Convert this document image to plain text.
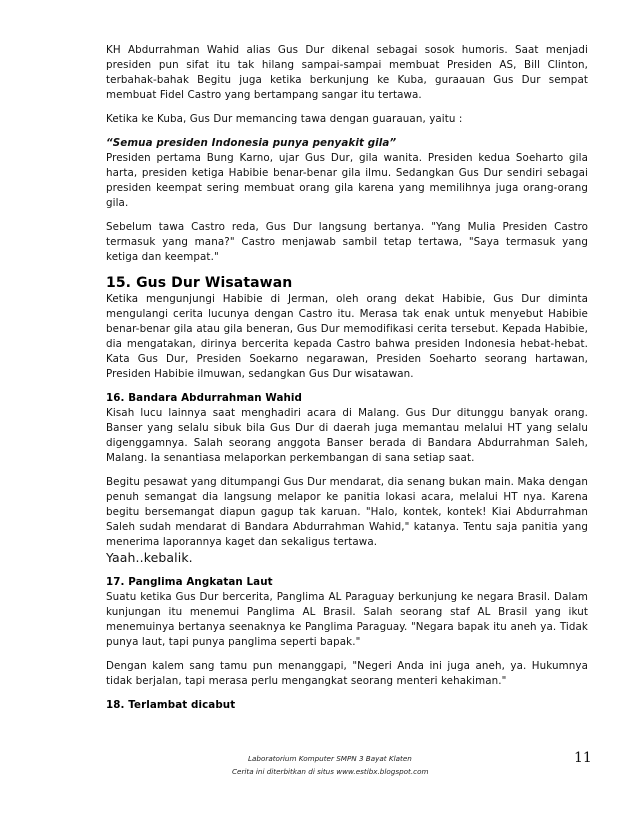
KH Abdurrahman Wahid alias Gus Dur dikenal sebagai sosok humoris. Saat menjadi presiden pun sifat itu tak hilang sampai-sampai membuat Presiden AS, Bill Clinton, terbahak-bahak Begitu juga ketika berkunjung ke Kuba, guraauan Gus Dur sempat membuat Fidel Castro yang bertampang sangar itu tertawa.

Ketika ke Kuba, Gus Dur memancing tawa dengan guarauan, yaitu :

“Semua presiden Indonesia punya penyakit gila”

Presiden pertama Bung Karno, ujar Gus Dur, gila wanita. Presiden kedua Soeharto gila harta, presiden ketiga Habibie benar-benar gila ilmu. Sedangkan Gus Dur sendiri sebagai presiden keempat sering membuat orang gila karena yang memilihnya juga orang-orang gila.

Sebelum tawa Castro reda, Gus Dur langsung bertanya. "Yang Mulia Presiden Castro termasuk yang mana?" Castro menjawab sambil tetap tertawa, "Saya termasuk yang ketiga dan keempat."

15. Gus Dur Wisatawan

Ketika mengunjungi Habibie di Jerman, oleh orang dekat Habibie, Gus Dur diminta mengulangi cerita lucunya dengan Castro itu. Merasa tak enak untuk menyebut Habibie benar-benar gila atau gila beneran, Gus Dur memodifikasi cerita tersebut. Kepada Habibie, dia mengatakan, dirinya bercerita kepada Castro bahwa presiden Indonesia hebat-hebat. Kata Gus Dur, Presiden Soekarno negarawan, Presiden Soeharto seorang hartawan, Presiden Habibie ilmuwan, sedangkan Gus Dur wisatawan.

16. Bandara Abdurrahman Wahid

Kisah lucu lainnya saat menghadiri acara di Malang. Gus Dur ditunggu banyak orang. Banser yang selalu sibuk bila Gus Dur di daerah juga memantau melalui HT yang selalu digenggamnya. Salah seorang anggota Banser berada di Bandara Abdurrahman Saleh, Malang. Ia senantiasa melaporkan perkembangan di sana setiap saat.

Begitu pesawat yang ditumpangi Gus Dur mendarat, dia senang bukan main. Maka dengan penuh semangat dia langsung melapor ke panitia lokasi acara, melalui HT nya. Karena begitu bersemangat diapun gagup tak karuan. "Halo, kontek, kontek! Kiai Abdurrahman Saleh sudah mendarat di Bandara Abdurrahman Wahid," katanya. Tentu saja panitia yang menerima laporannya kaget dan sekaligus tertawa.

Yaah..kebalik.

17. Panglima Angkatan Laut

Suatu ketika Gus Dur bercerita, Panglima AL Paraguay berkunjung ke negara Brasil. Dalam kunjungan itu menemui Panglima AL Brasil. Salah seorang staf AL Brasil yang ikut menemuinya bertanya seenaknya ke Panglima Paraguay. "Negara bapak itu aneh ya. Tidak punya laut, tapi punya panglima seperti bapak."

Dengan kalem sang tamu pun menanggapi, "Negeri Anda ini juga aneh, ya. Hukumnya tidak berjalan, tapi merasa perlu mengangkat seorang menteri kehakiman."

18. Terlambat dicabut

Laboratorium Komputer SMPN 3 Bayat Klaten
Cerita ini diterbitkan di situs www.estibx.blogspot.com
11
